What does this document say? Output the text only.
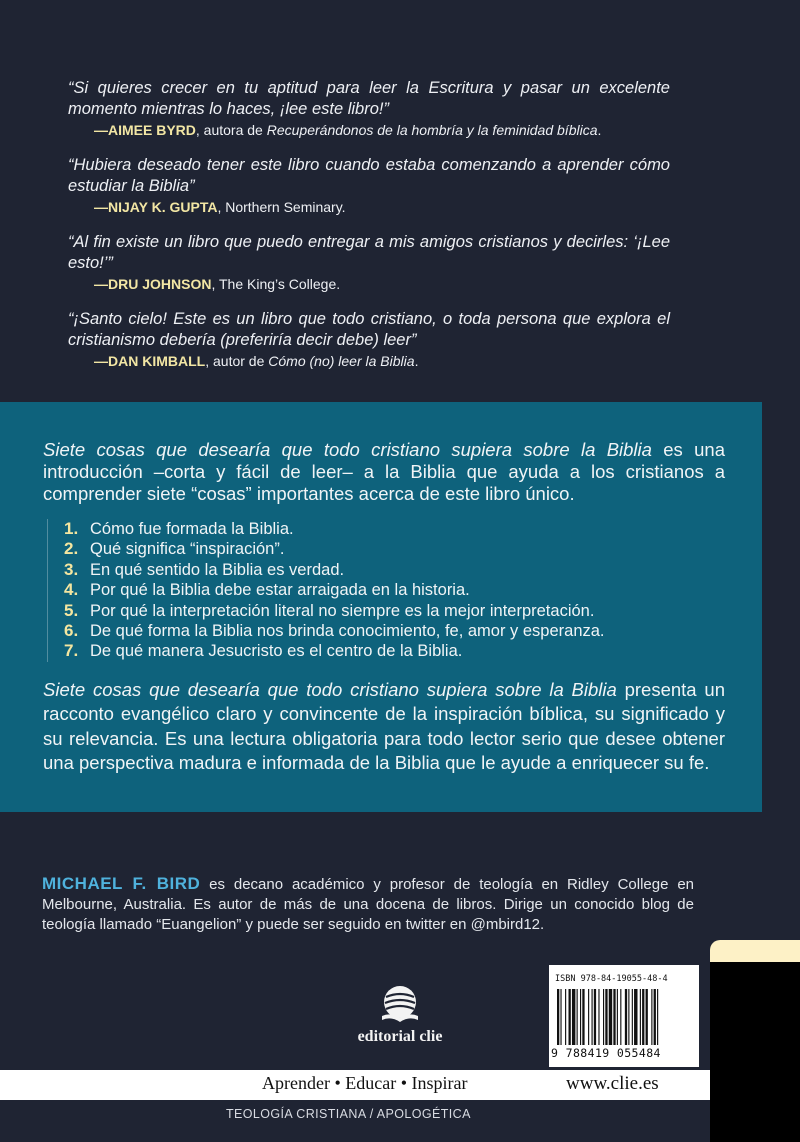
“Si quieres crecer en tu aptitud para leer la Escritura y pasar un excelente momento mientras lo haces, ¡lee este libro!”

—AIMEE BYRD, autora de Recuperándonos de la hombría y la feminidad bíblica.

“Hubiera deseado tener este libro cuando estaba comenzando a aprender cómo estudiar la Biblia”

—NIJAY K. GUPTA, Northern Seminary.

“Al fin existe un libro que puedo entregar a mis amigos cristianos y decirles: ‘¡Lee esto!’”

—DRU JOHNSON, The King’s College.

“¡Santo cielo! Este es un libro que todo cristiano, o toda persona que explora el cristianismo debería (preferiría decir debe) leer”

—DAN KIMBALL, autor de Cómo (no) leer la Biblia.

Siete cosas que desearía que todo cristiano supiera sobre la Biblia es una introducción –corta y fácil de leer– a la Biblia que ayuda a los cristianos a comprender siete “cosas” importantes acerca de este libro único.

1. Cómo fue formada la Biblia.
2. Qué significa “inspiración”.
3. En qué sentido la Biblia es verdad.
4. Por qué la Biblia debe estar arraigada en la historia.
5. Por qué la interpretación literal no siempre es la mejor interpretación.
6. De qué forma la Biblia nos brinda conocimiento, fe, amor y esperanza.
7. De qué manera Jesucristo es el centro de la Biblia.

Siete cosas que desearía que todo cristiano supiera sobre la Biblia presenta un racconto evangélico claro y convincente de la inspiración bíblica, su significado y su relevancia. Es una lectura obligatoria para todo lector serio que desee obtener una perspectiva madura e informada de la Biblia que le ayude a enriquecer su fe.

MICHAEL F. BIRD es decano académico y profesor de teología en Ridley College en Melbourne, Australia. Es autor de más de una docena de libros. Dirige un conocido blog de teología llamado “Euangelion” y puede ser seguido en twitter en @mbird12.

ISBN 978-84-19055-48-4
9 788419 055484
editorial clie
Aprender • Educar • Inspirar	www.clie.es
TEOLOGÍA CRISTIANA / APOLOGÉTICA
